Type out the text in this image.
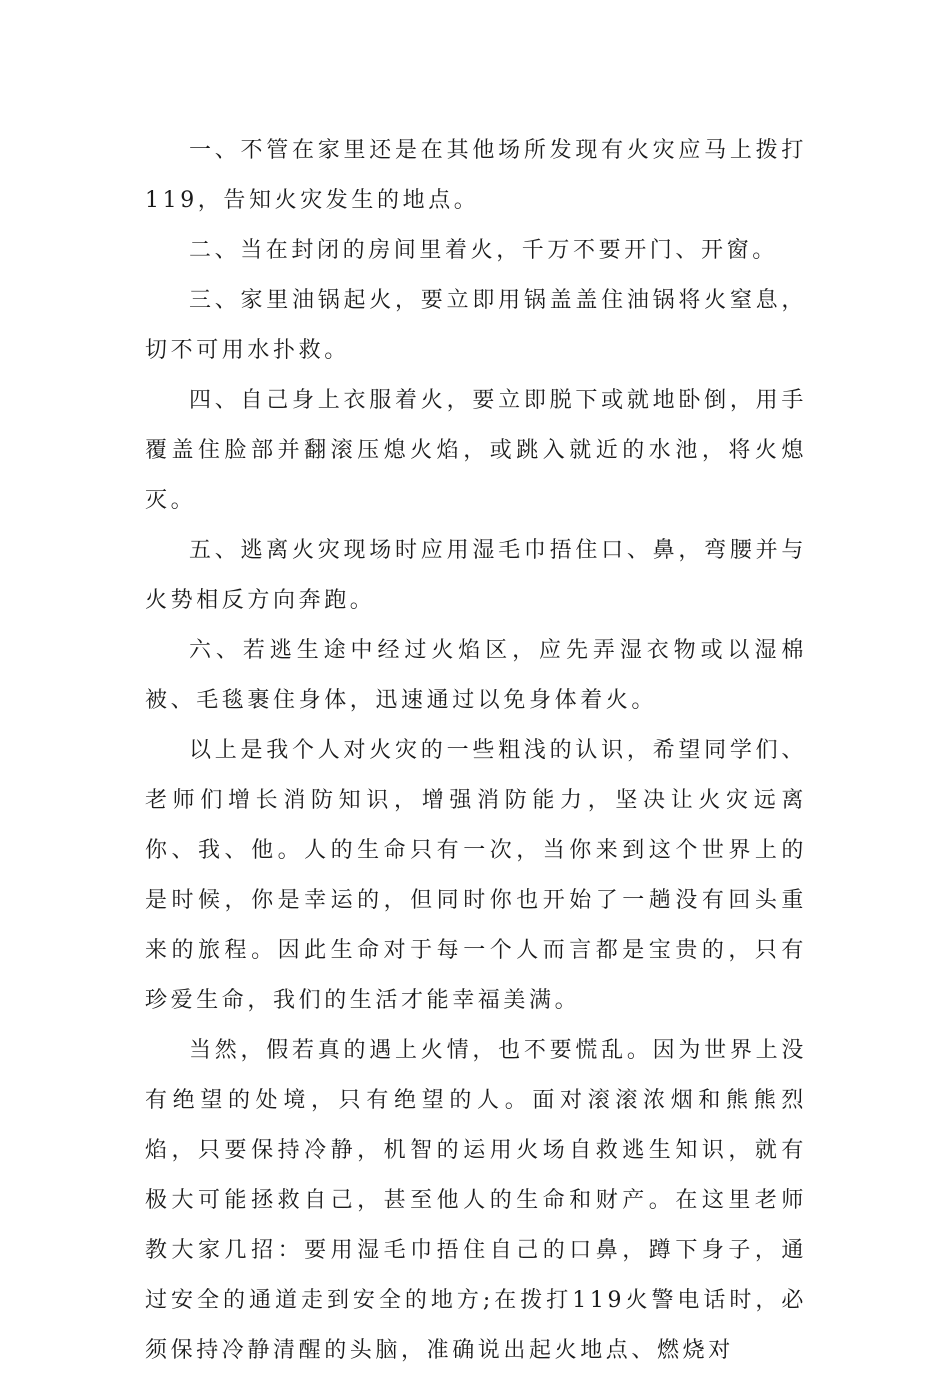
一、不管在家里还是在其他场所发现有火灾应马上拨打119，告知火灾发生的地点。

二、当在封闭的房间里着火，千万不要开门、开窗。

三、家里油锅起火，要立即用锅盖盖住油锅将火窒息，切不可用水扑救。

四、自己身上衣服着火，要立即脱下或就地卧倒，用手覆盖住脸部并翻滚压熄火焰，或跳入就近的水池，将火熄灭。

五、逃离火灾现场时应用湿毛巾捂住口、鼻，弯腰并与火势相反方向奔跑。

六、若逃生途中经过火焰区，应先弄湿衣物或以湿棉被、毛毯裹住身体，迅速通过以免身体着火。

以上是我个人对火灾的一些粗浅的认识，希望同学们、老师们增长消防知识，增强消防能力，坚决让火灾远离你、我、他。人的生命只有一次，当你来到这个世界上的是时候，你是幸运的，但同时你也开始了一趟没有回头重来的旅程。因此生命对于每一个人而言都是宝贵的，只有珍爱生命，我们的生活才能幸福美满。

当然，假若真的遇上火情，也不要慌乱。因为世界上没有绝望的处境，只有绝望的人。面对滚滚浓烟和熊熊烈焰，只要保持冷静，机智的运用火场自救逃生知识，就有极大可能拯救自己，甚至他人的生命和财产。在这里老师教大家几招：要用湿毛巾捂住自己的口鼻，蹲下身子，通过安全的通道走到安全的地方;在拨打119火警电话时，必须保持冷静清醒的头脑，准确说出起火地点、燃烧对
